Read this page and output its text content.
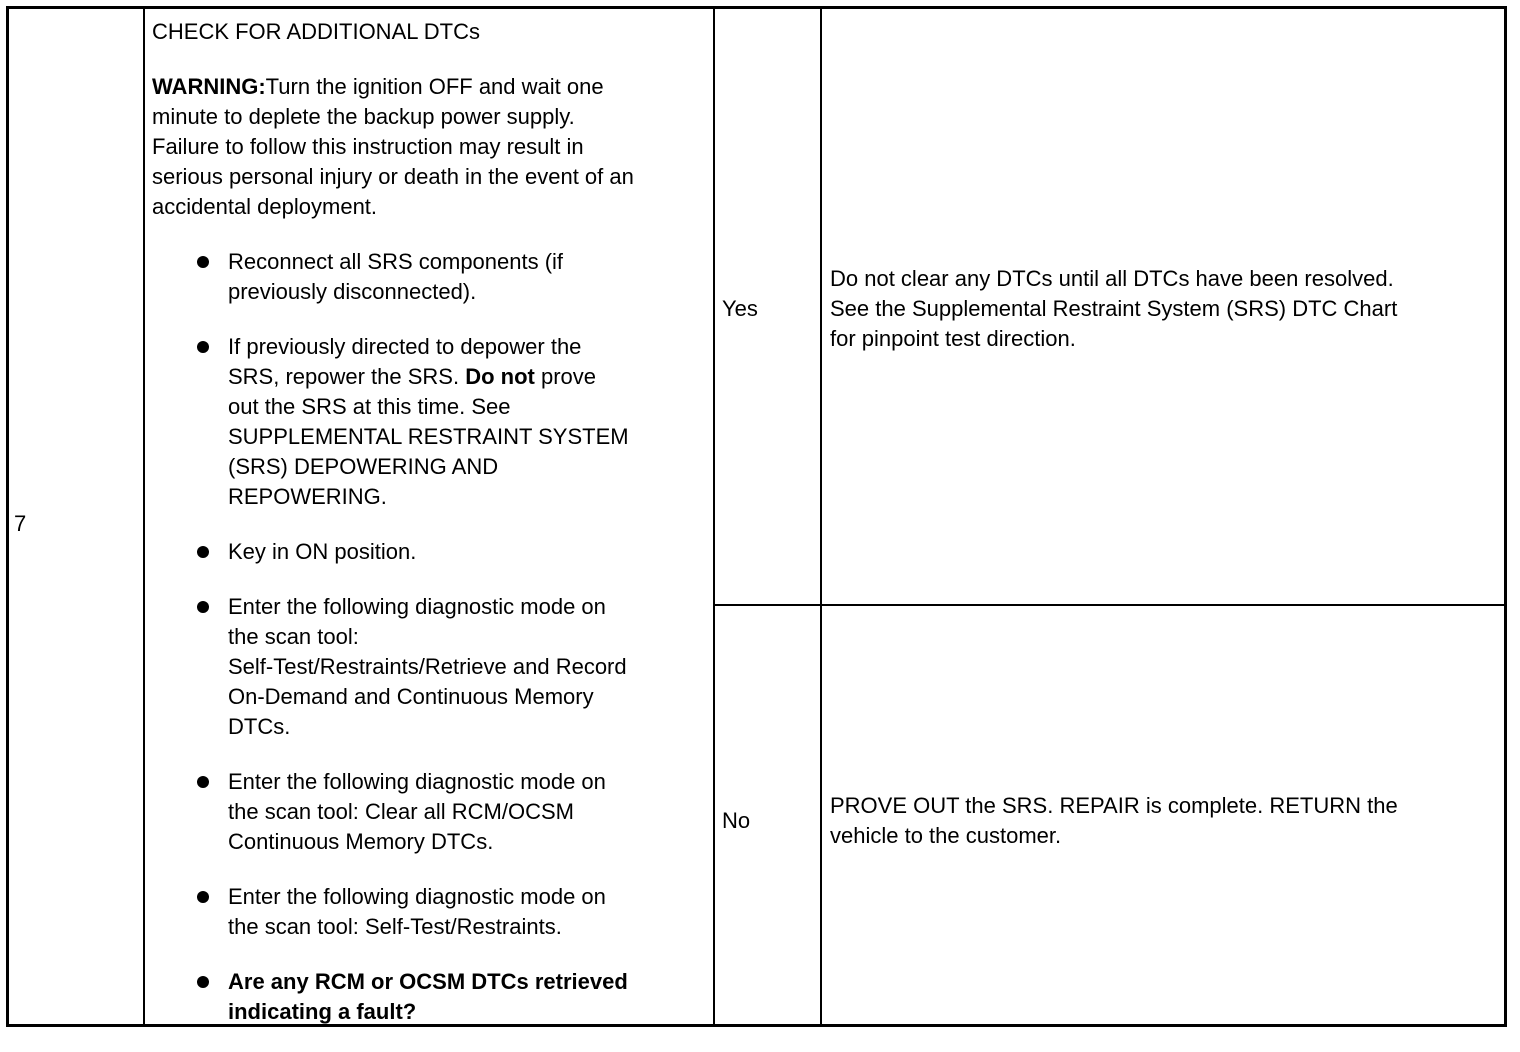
7

CHECK FOR ADDITIONAL DTCs

WARNING:Turn the ignition OFF and wait one
minute to deplete the backup power supply.
Failure to follow this instruction may result in
serious personal injury or death in the event of an
accidental deployment.

Reconnect all SRS components (if
previously disconnected).
If previously directed to depower the
SRS, repower the SRS. Do not prove
out the SRS at this time. See
SUPPLEMENTAL RESTRAINT SYSTEM
(SRS) DEPOWERING AND
REPOWERING.
Key in ON position.
Enter the following diagnostic mode on
the scan tool:
Self-Test/Restraints/Retrieve and Record
On-Demand and Continuous Memory
DTCs.
Enter the following diagnostic mode on
the scan tool: Clear all RCM/OCSM
Continuous Memory DTCs.
Enter the following diagnostic mode on
the scan tool: Self-Test/Restraints.
Are any RCM or OCSM DTCs retrieved
indicating a fault?
Yes
No
Do not clear any DTCs until all DTCs have been resolved.
See the Supplemental Restraint System (SRS) DTC Chart
for pinpoint test direction.
PROVE OUT the SRS. REPAIR is complete. RETURN the
vehicle to the customer.
